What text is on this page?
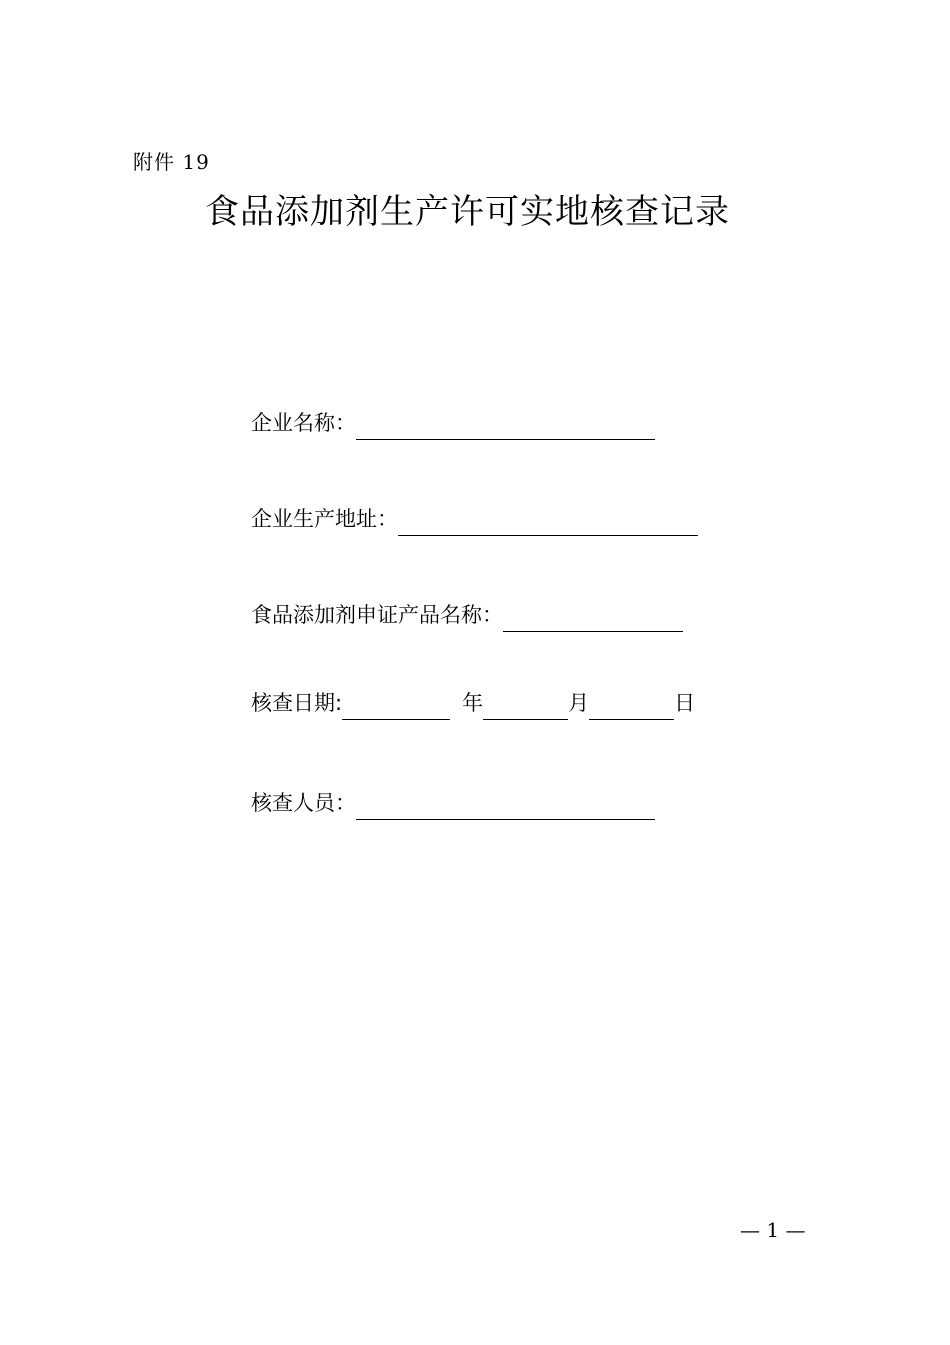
附件 19
食品添加剂生产许可实地核查记录
企业名称：
企业生产地址：
食品添加剂申证产品名称：
核查日期:	年	月	日
核查人员：
— 1 —
